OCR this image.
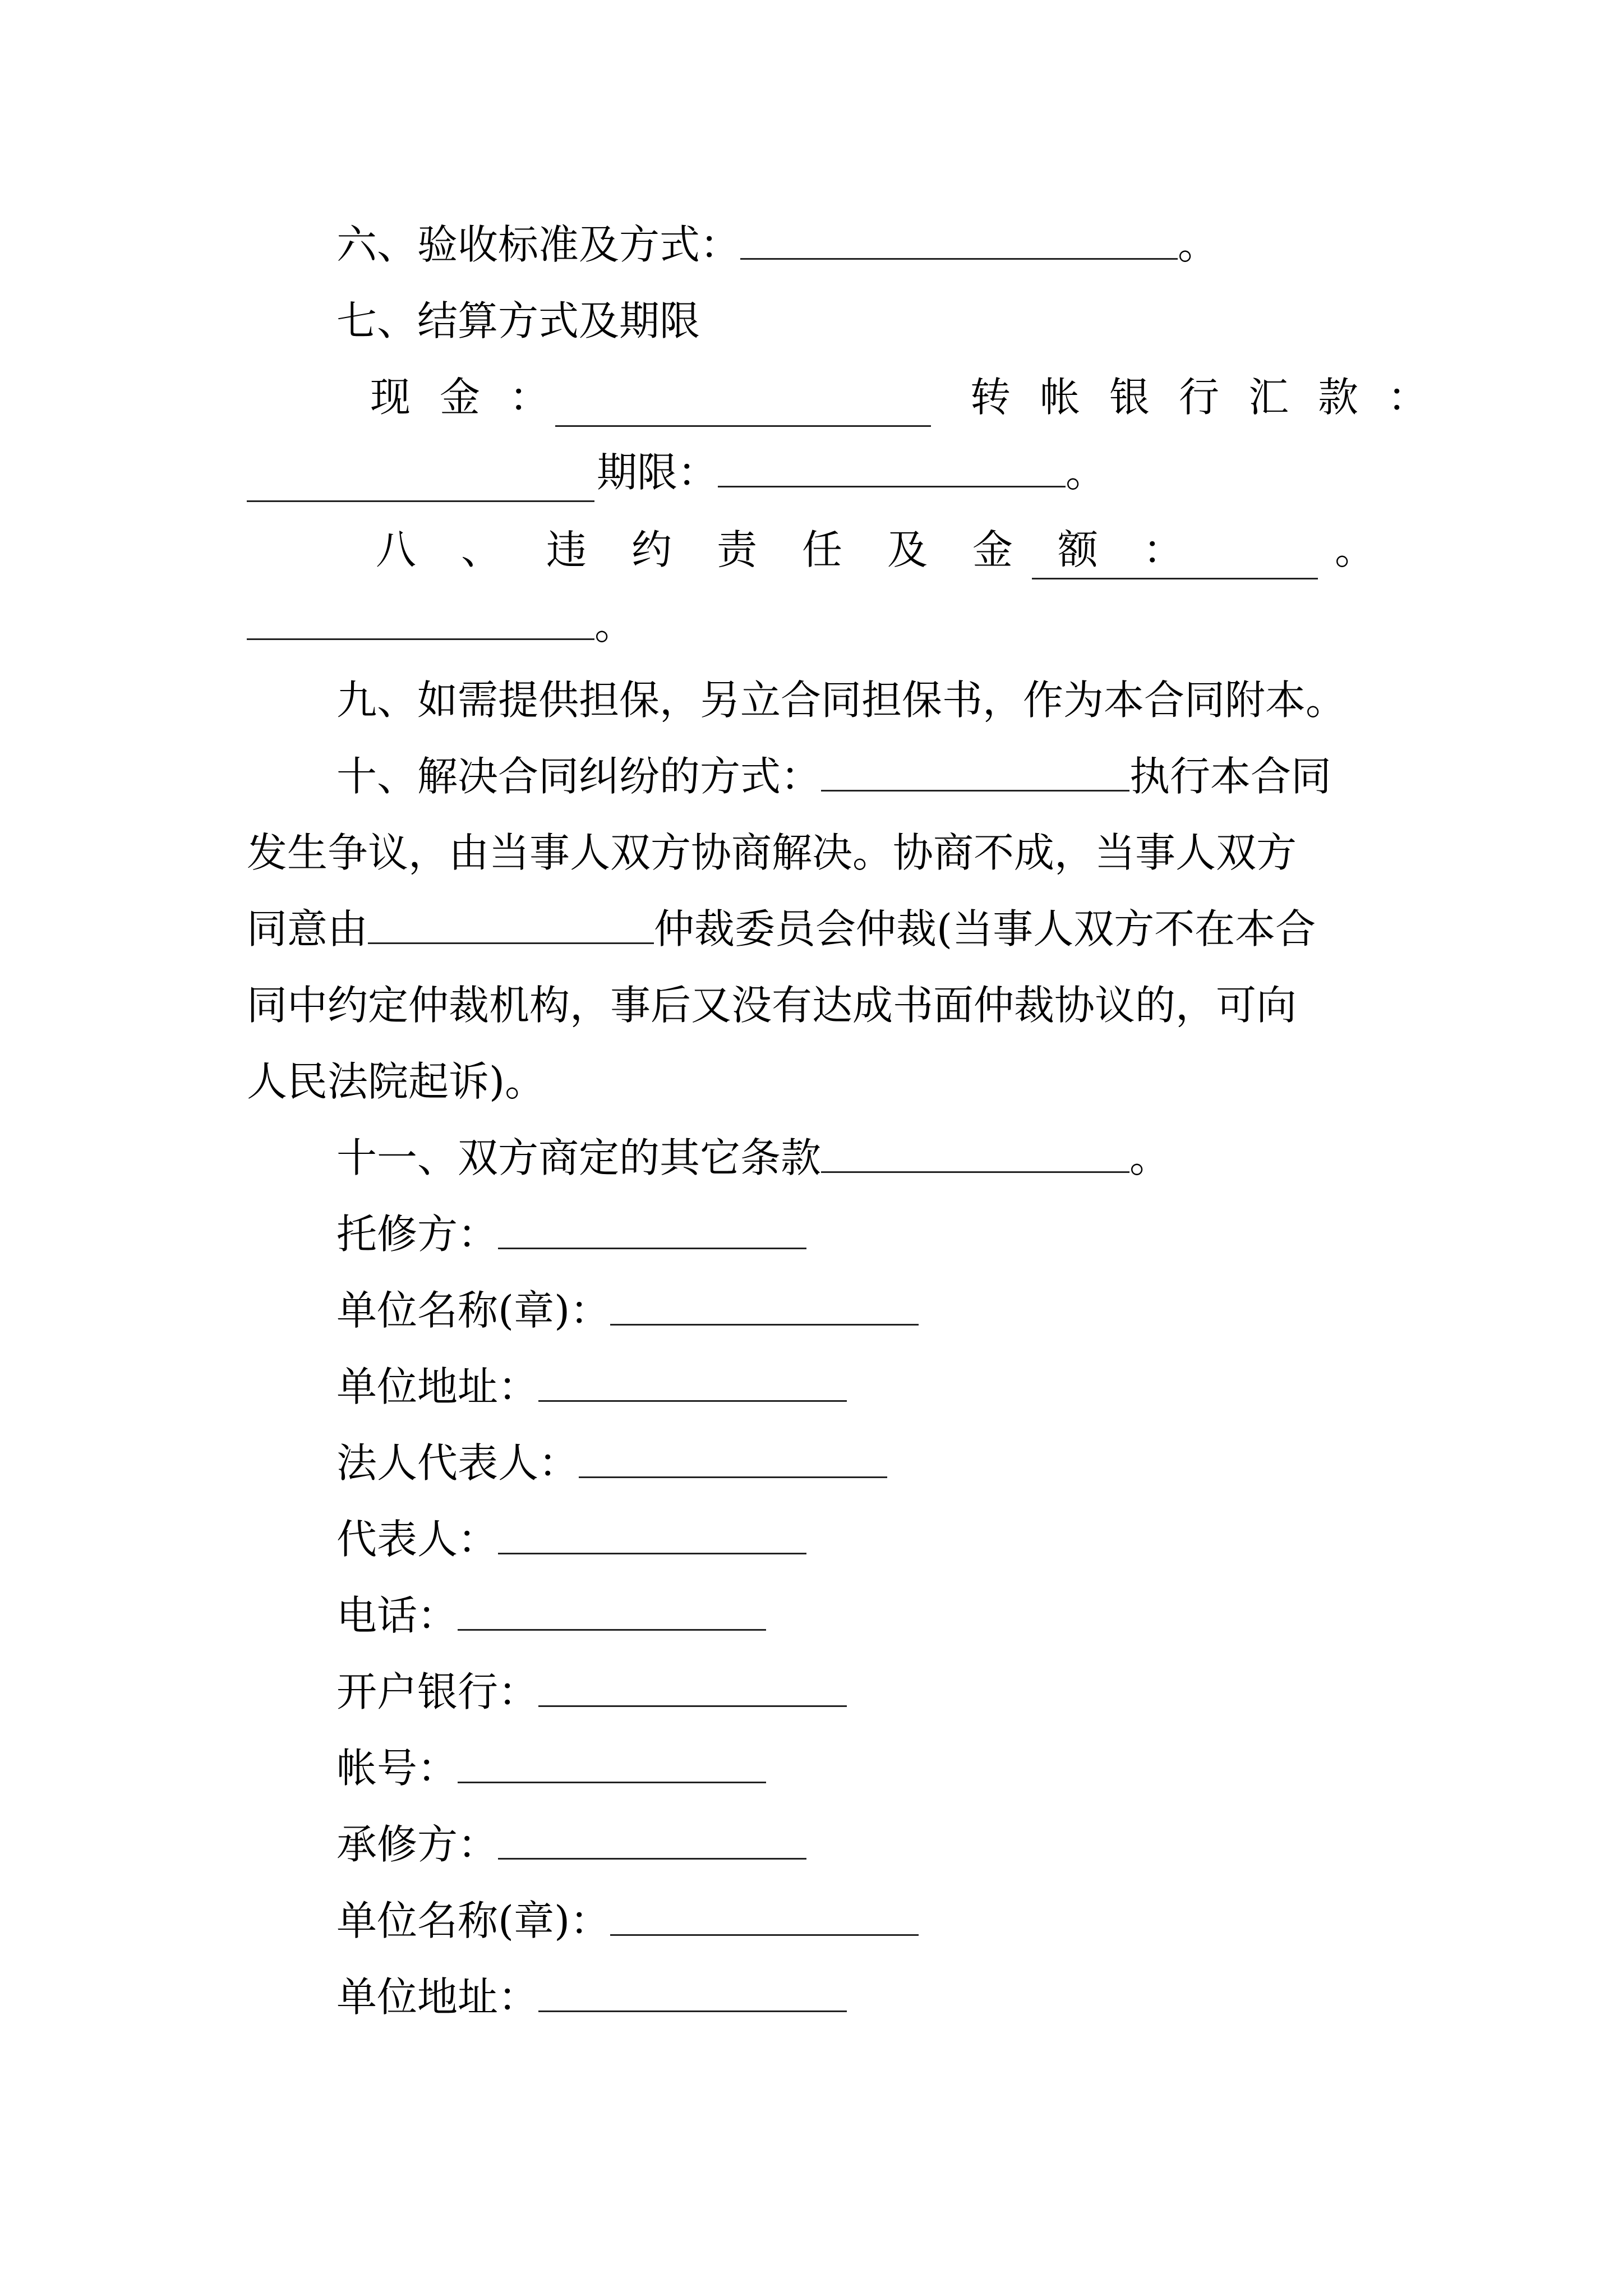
六、验收标准及方式：	。
七、结算方式及期限
现金：	转帐银行汇款：
期限：	。
八、违约责任及金额：	。
。
九、如需提供担保，另立合同担保书，作为本合同附本。
十、解决合同纠纷的方式：	执行本合同
发生争议，由当事人双方协商解决。协商不成，当事人双方
同意由	仲裁委员会仲裁(当事人双方不在本合
同中约定仲裁机构，事后又没有达成书面仲裁协议的，可向
人民法院起诉)。
十一、双方商定的其它条款	。
托修方：
单位名称(章)：
单位地址：
法人代表人：
代表人：
电话：
开户银行：
帐号：
承修方：
单位名称(章)：
单位地址：
